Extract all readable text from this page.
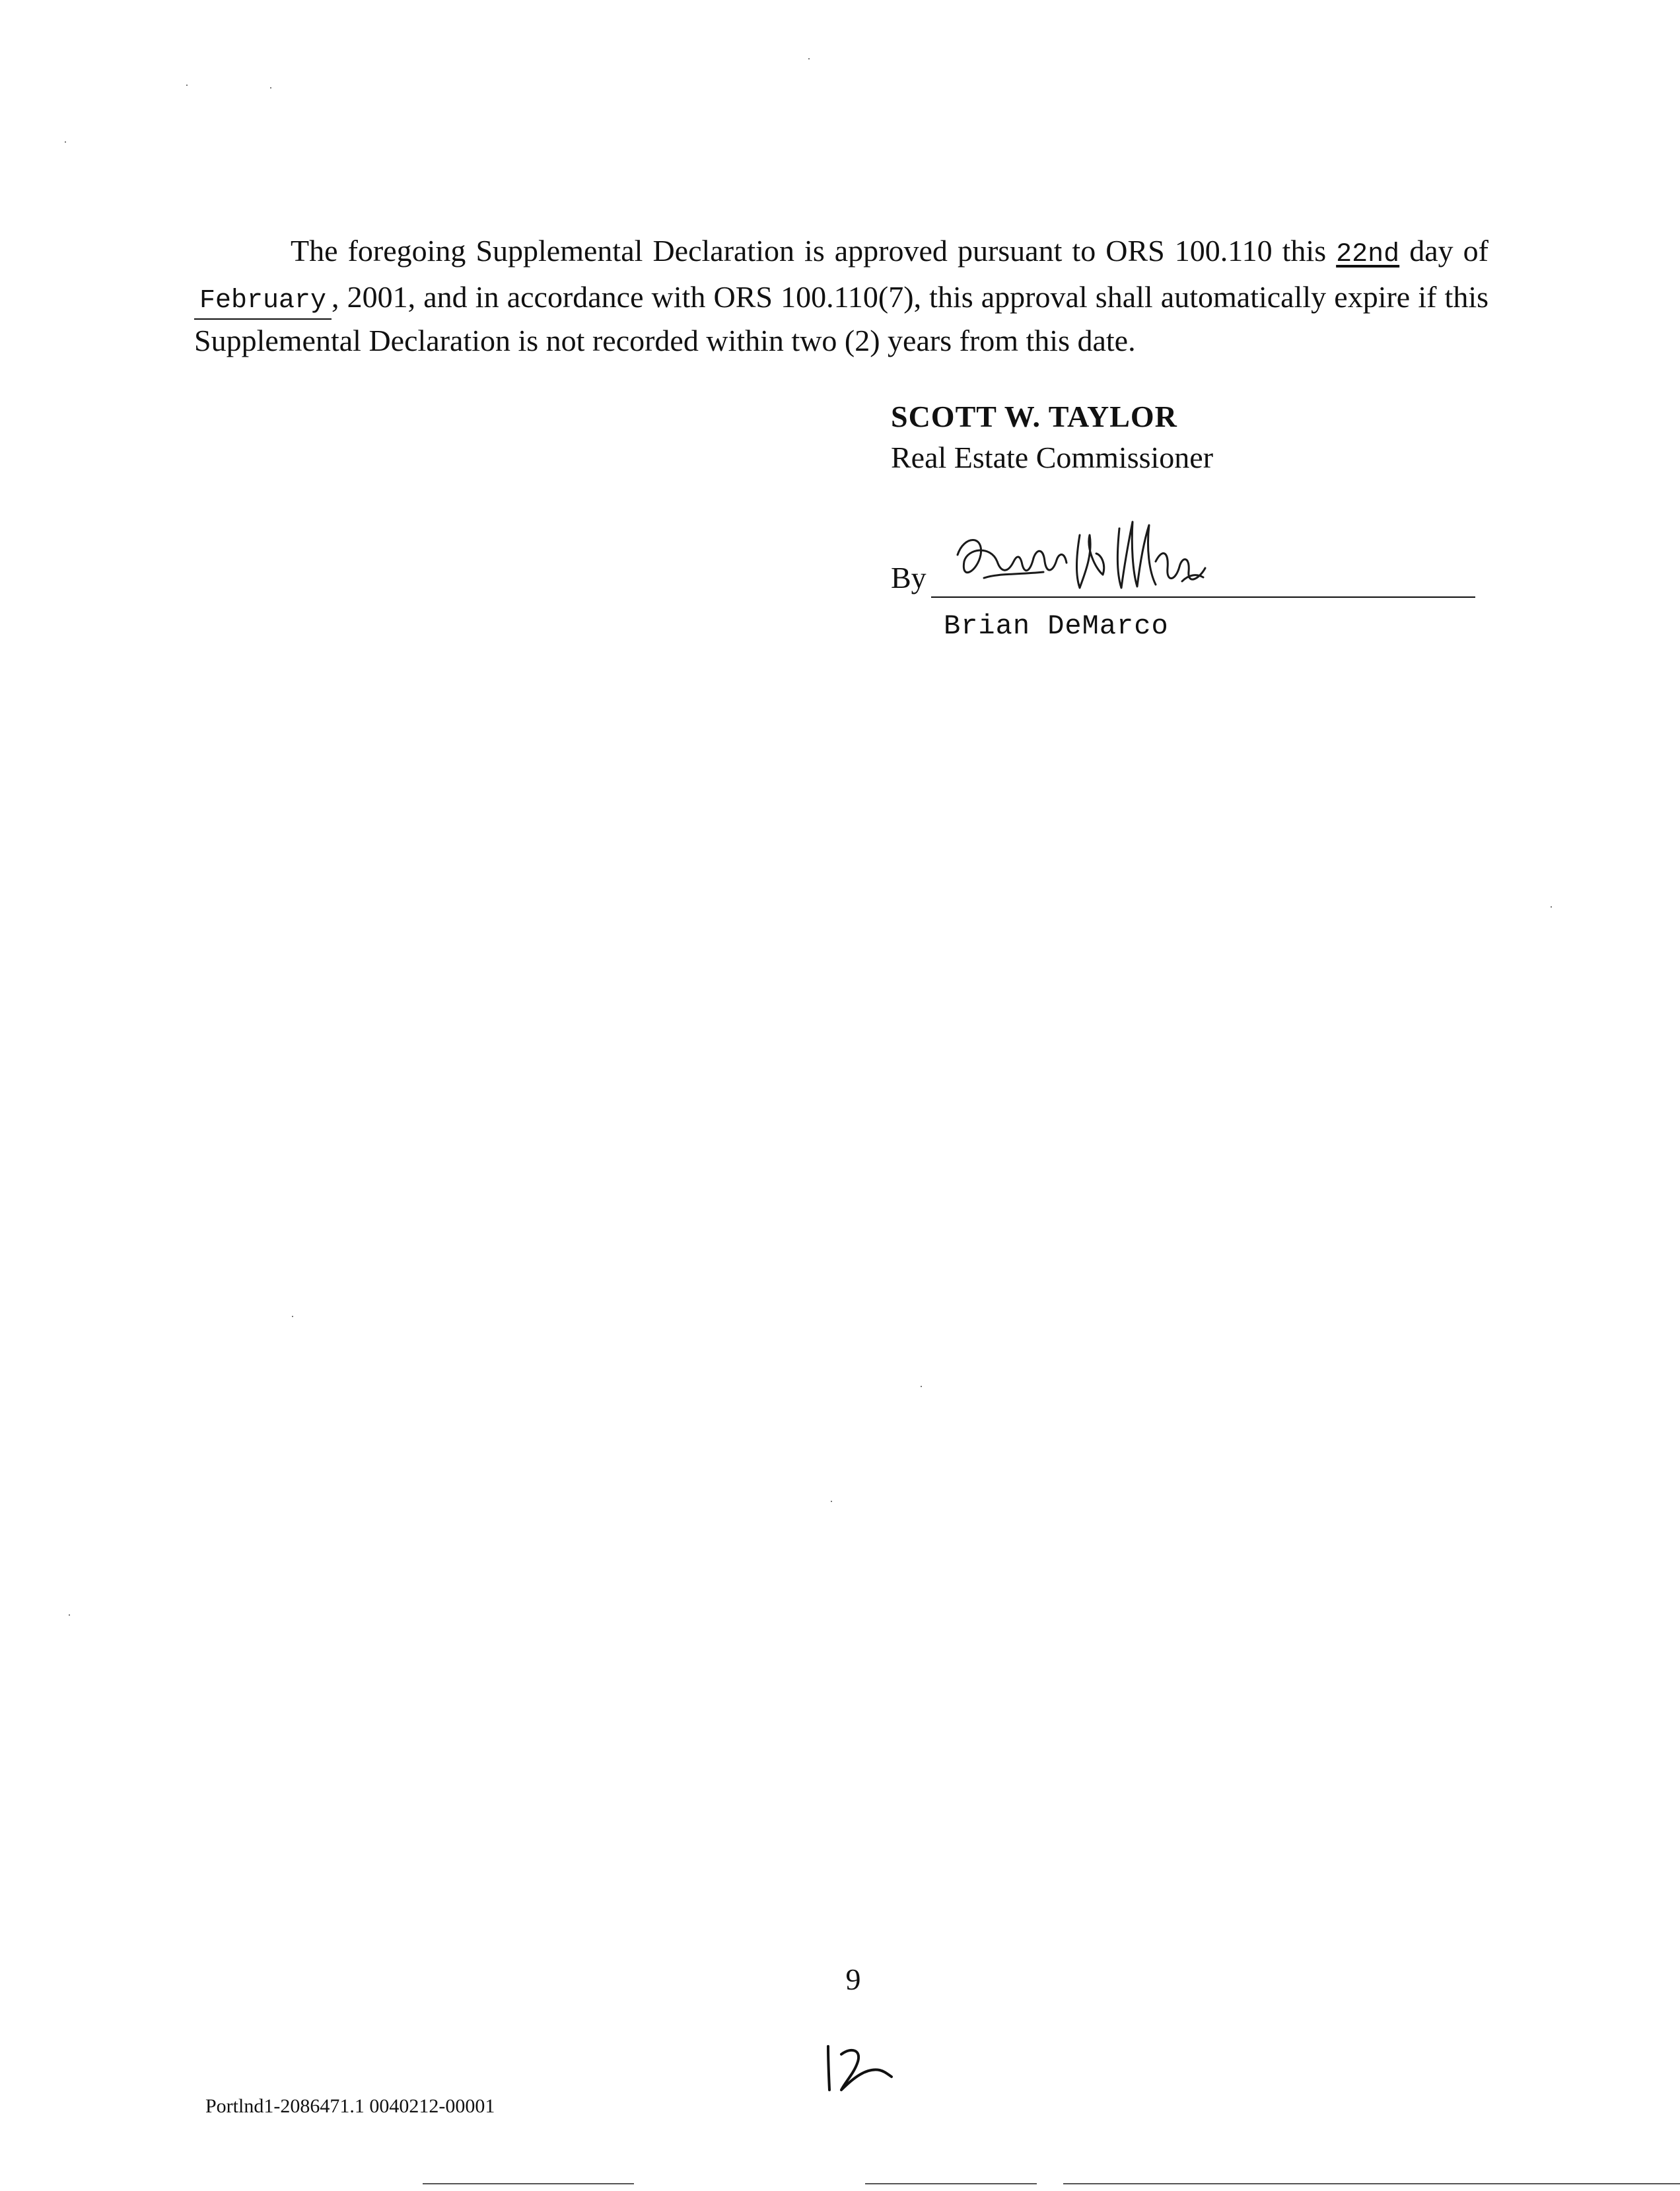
The foregoing Supplemental Declaration is approved pursuant to ORS 100.110 this 22nd day of February , 2001, and in accordance with ORS 100.110(7), this approval shall automatically expire if this Supplemental Declaration is not recorded within two (2) years from this date.

SCOTT W. TAYLOR
Real Estate Commissioner
By
Brian DeMarco
9
Portlnd1-2086471.1 0040212-00001
